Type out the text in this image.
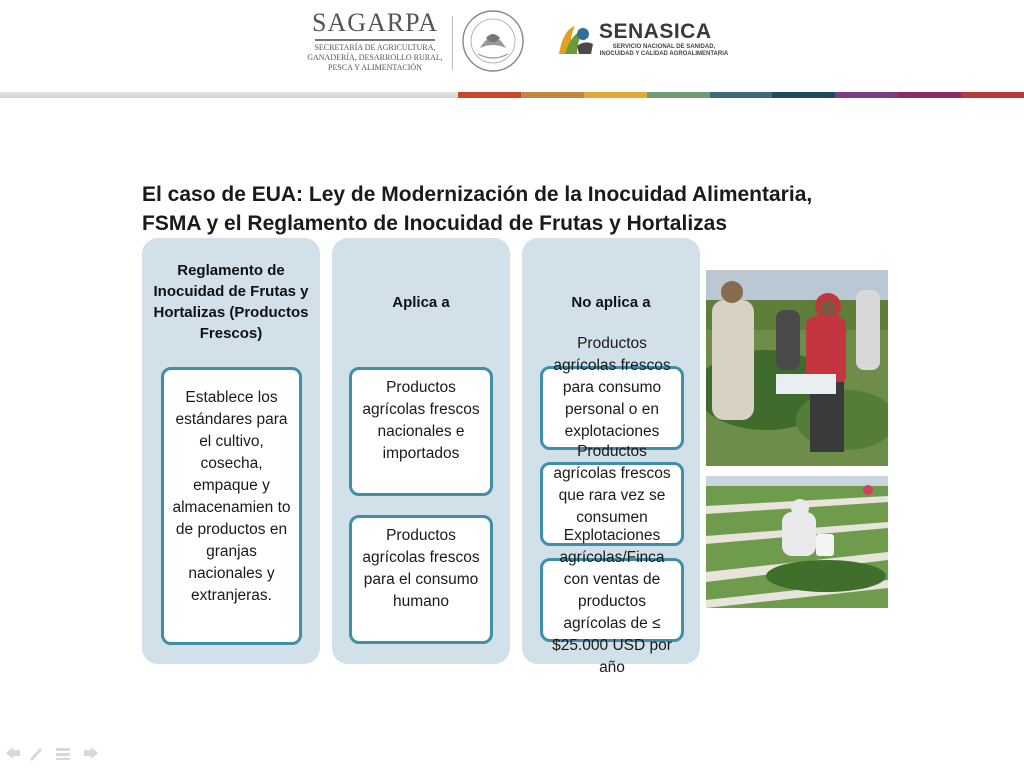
SAGARPA
SECRETARÍA DE AGRICULTURA,
GANADERÍA, DESARROLLO RURAL,
PESCA Y ALIMENTACIÓN
SENASICA
SERVICIO NACIONAL DE SANIDAD, INOCUIDAD Y CALIDAD AGROALIMENTARIA
El caso de EUA: Ley de Modernización de la Inocuidad Alimentaria,
FSMA y el Reglamento de Inocuidad de Frutas y Hortalizas
Reglamento de Inocuidad de Frutas y Hortalizas (Productos Frescos)
Establece los estándares para el cultivo, cosecha, empaque y almacenamien to de productos en granjas nacionales y extranjeras.
Aplica a
Productos agrícolas frescos nacionales e importados
Productos agrícolas frescos para el consumo humano
No aplica a
Productos agrícolas frescos para consumo personal o en explotaciones
Productos agrícolas frescos que rara vez se consumen
Explotaciones agrícolas/Finca con ventas de productos agrícolas de ≤ $25.000 USD por año
